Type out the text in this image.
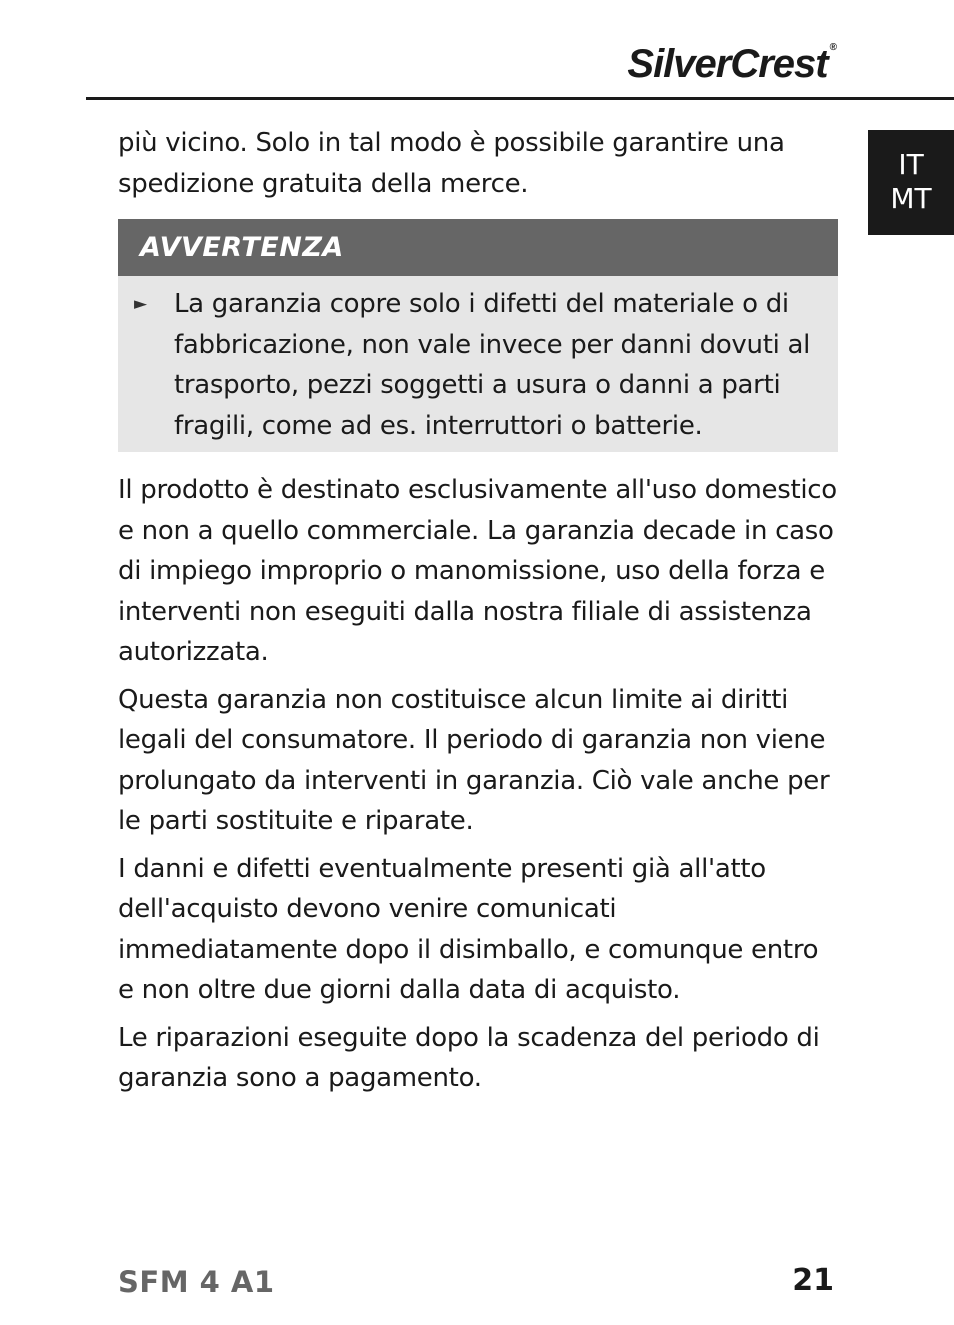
SilverCrest ®
IT
MT

più vicino. Solo in tal modo è possibile garantire una spedizione gratuita della merce.

AVVERTENZA
►	La garanzia copre solo i difetti del materiale o di fabbricazione, non vale invece per danni dovuti al trasporto, pezzi soggetti a usura o danni a parti fragili, come ad es. interruttori o batterie.

Il prodotto è destinato esclusivamente all'uso domestico e non a quello commerciale. La garanzia decade in caso di impiego improprio o manomissione, uso della forza e interventi non eseguiti dalla nostra filiale di assistenza autorizzata.

Questa garanzia non costituisce alcun limite ai diritti legali del consumatore. Il periodo di garanzia non viene prolungato da interventi in garanzia. Ciò vale anche per le parti sostituite e riparate.

I danni e difetti eventualmente presenti già all'atto dell'acquisto devono venire comunicati immediatamente dopo il disimballo, e comunque entro e non oltre due giorni dalla data di acquisto.

Le riparazioni eseguite dopo la scadenza del periodo di garanzia sono a pagamento.

SFM 4 A1	21
